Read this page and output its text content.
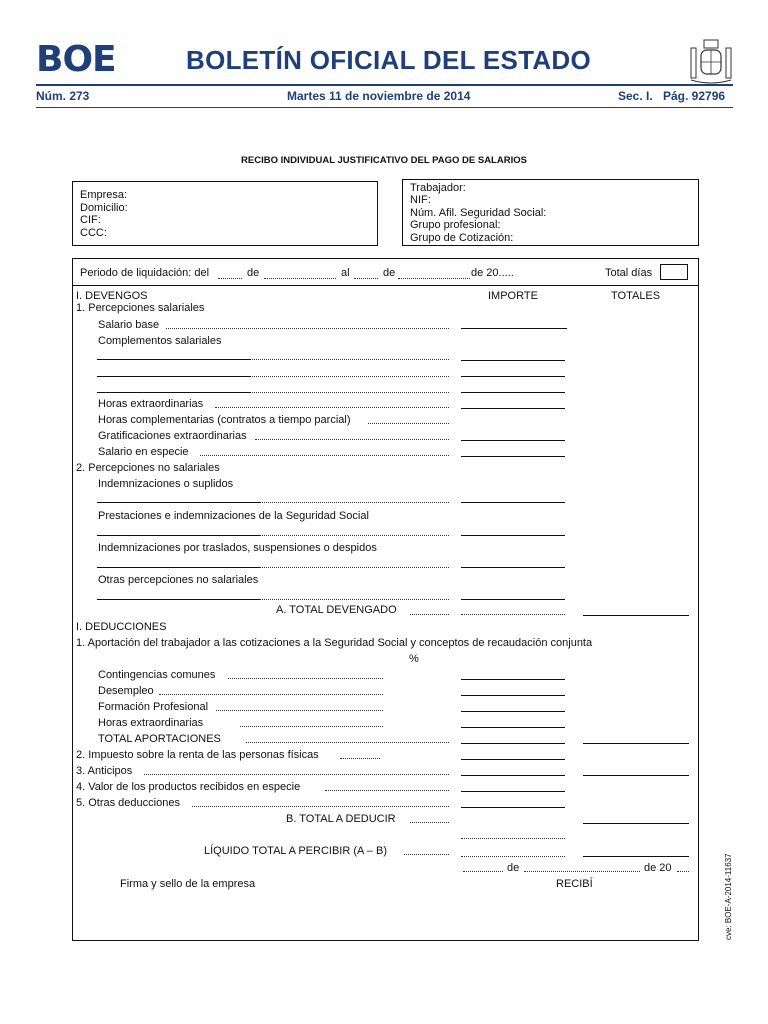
BOE	BOLETÍN OFICIAL DEL ESTADO
Núm. 273	Martes 11 de noviembre de 2014	Sec. I. Pág. 92796
RECIBO INDIVIDUAL JUSTIFICATIVO DEL PAGO DE SALARIOS
Empresa:
Domicilio:
CIF:
CCC:
Trabajador:
NIF:
Núm. Afil. Seguridad Social:
Grupo profesional:
Grupo de Cotización:
Periodo de liquidación: del	de	al	de	de 20.....	Total días
I. DEVENGOS	IMPORTE	TOTALES
1. Percepciones salariales
Salario base
Complementos salariales
Horas extraordinarias
Horas complementarias (contratos a tiempo parcial)
Gratificaciones extraordinarias
Salario en especie
2. Percepciones no salariales
Indemnizaciones o suplidos
Prestaciones e indemnizaciones de la Seguridad Social
Indemnizaciones por traslados, suspensiones o despidos
Otras percepciones no salariales
A. TOTAL DEVENGADO
I. DEDUCCIONES
1. Aportación del trabajador a las cotizaciones a la Seguridad Social y conceptos de recaudación conjunta
%
Contingencias comunes
Desempleo
Formación Profesional
Horas extraordinarias
TOTAL APORTACIONES
2. Impuesto sobre la renta de las personas físicas
3. Anticipos
4. Valor de los productos recibidos en especie
5. Otras deducciones
B. TOTAL A DEDUCIR
LÍQUIDO TOTAL A PERCIBIR (A – B)
de	de 20
Firma y sello de la empresa	RECIBÍ	cve: BOE-A-2014-11637
